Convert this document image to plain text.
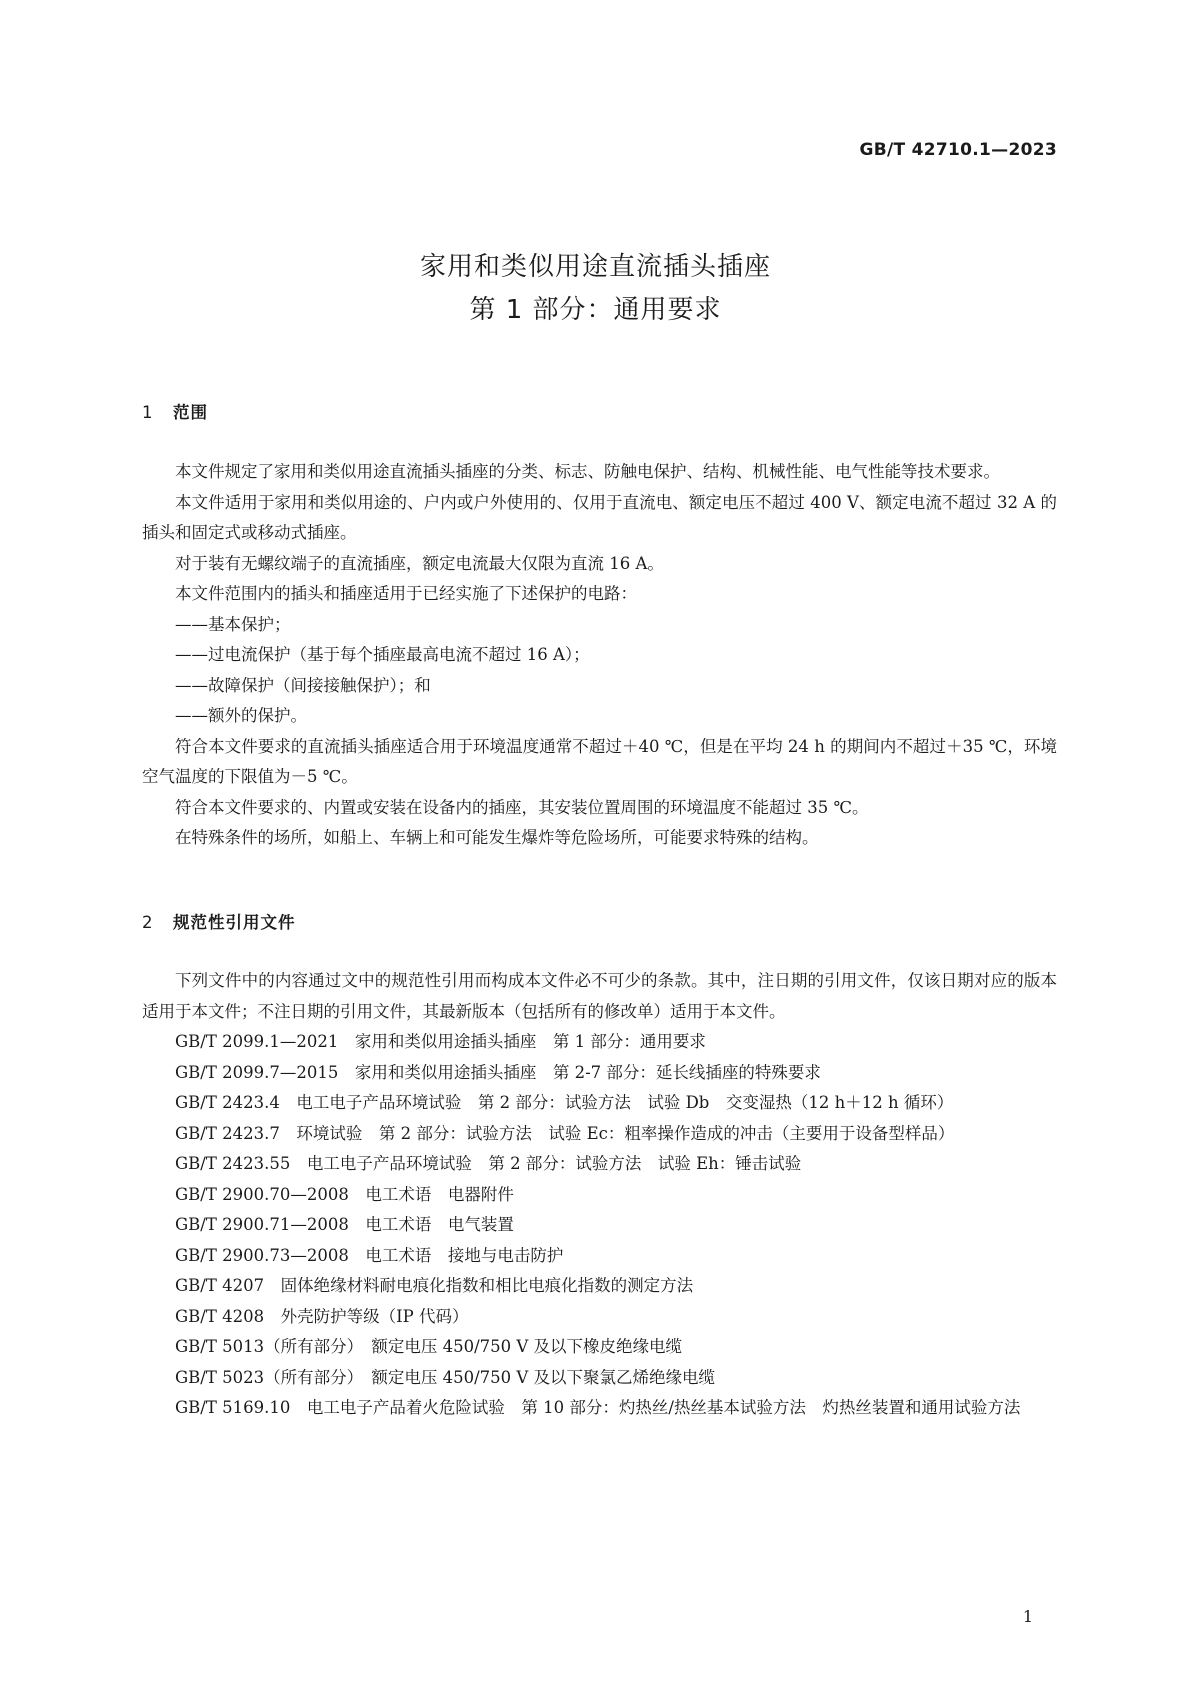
GB/T 42710.1—2023
家用和类似用途直流插头插座
第 1 部分：通用要求
1 范围
本文件规定了家用和类似用途直流插头插座的分类、标志、防触电保护、结构、机械性能、电气性能等技术要求。
本文件适用于家用和类似用途的、户内或户外使用的、仅用于直流电、额定电压不超过 400 V、额定电流不超过 32 A 的插头和固定式或移动式插座。
对于装有无螺纹端子的直流插座，额定电流最大仅限为直流 16 A。
本文件范围内的插头和插座适用于已经实施了下述保护的电路：
——基本保护；
——过电流保护（基于每个插座最高电流不超过 16 A）；
——故障保护（间接接触保护）；和
——额外的保护。
符合本文件要求的直流插头插座适合用于环境温度通常不超过＋40 ℃，但是在平均 24 h 的期间内不超过＋35 ℃，环境空气温度的下限值为－5 ℃。
符合本文件要求的、内置或安装在设备内的插座，其安装位置周围的环境温度不能超过 35 ℃。
在特殊条件的场所，如船上、车辆上和可能发生爆炸等危险场所，可能要求特殊的结构。
2 规范性引用文件
下列文件中的内容通过文中的规范性引用而构成本文件必不可少的条款。其中，注日期的引用文件，仅该日期对应的版本适用于本文件；不注日期的引用文件，其最新版本（包括所有的修改单）适用于本文件。
GB/T 2099.1—2021　家用和类似用途插头插座　第 1 部分：通用要求
GB/T 2099.7—2015　家用和类似用途插头插座　第 2-7 部分：延长线插座的特殊要求
GB/T 2423.4　电工电子产品环境试验　第 2 部分：试验方法　试验 Db　交变湿热（12 h＋12 h 循环）
GB/T 2423.7　环境试验　第 2 部分：试验方法　试验 Ec：粗率操作造成的冲击（主要用于设备型样品）
GB/T 2423.55　电工电子产品环境试验　第 2 部分：试验方法　试验 Eh：锤击试验
GB/T 2900.70—2008　电工术语　电器附件
GB/T 2900.71—2008　电工术语　电气装置
GB/T 2900.73—2008　电工术语　接地与电击防护
GB/T 4207　固体绝缘材料耐电痕化指数和相比电痕化指数的测定方法
GB/T 4208　外壳防护等级（IP 代码）
GB/T 5013（所有部分）　额定电压 450/750 V 及以下橡皮绝缘电缆
GB/T 5023（所有部分）　额定电压 450/750 V 及以下聚氯乙烯绝缘电缆
GB/T 5169.10　电工电子产品着火危险试验　第 10 部分：灼热丝/热丝基本试验方法　灼热丝装置和通用试验方法
1
